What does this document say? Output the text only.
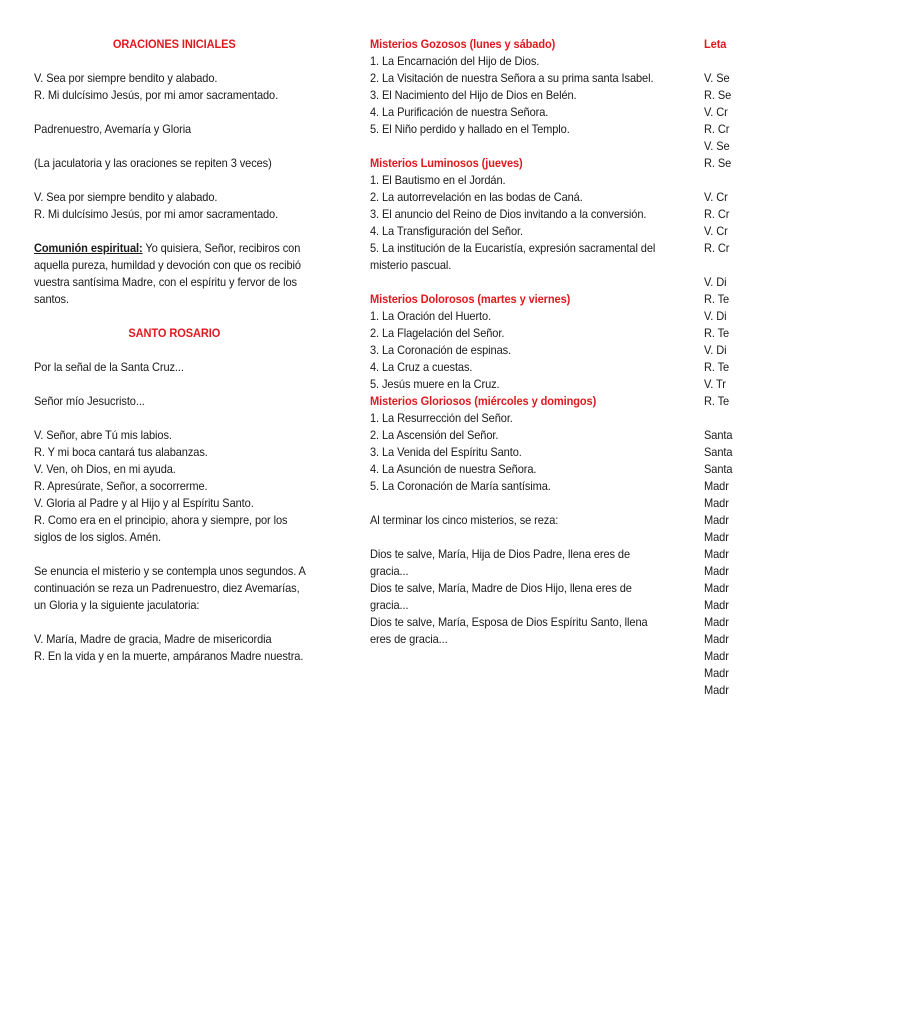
ORACIONES INICIALES
V. Sea por siempre bendito y alabado.
R. Mi dulcísimo Jesús, por mi amor sacramentado.
Padrenuestro, Avemaría y Gloria
(La jaculatoria y las oraciones se repiten 3 veces)
V. Sea por siempre bendito y alabado.
R. Mi dulcísimo Jesús, por mi amor sacramentado.
Comunión espiritual: Yo quisiera, Señor, recibiros con aquella pureza, humildad y devoción con que os recibió vuestra santísima Madre, con el espíritu y fervor de los santos.
SANTO ROSARIO
Por la señal de la Santa Cruz...
Señor mío Jesucristo...
V. Señor, abre Tú mis labios.
R. Y mi boca cantará tus alabanzas.
V. Ven, oh Dios, en mi ayuda.
R. Apresúrate, Señor, a socorrerme.
V. Gloria al Padre y al Hijo y al Espíritu Santo.
R. Como era en el principio, ahora y siempre, por los siglos de los siglos. Amén.
Se enuncia el misterio y se contempla unos segundos. A continuación se reza un Padrenuestro, diez Avemarías, un Gloria y la siguiente jaculatoria:
V. María, Madre de gracia, Madre de misericordia
R. En la vida y en la muerte, ampáranos Madre nuestra.
Misterios Gozosos (lunes y sábado)
1. La Encarnación del Hijo de Dios.
2. La Visitación de nuestra Señora a su prima santa Isabel.
3. El Nacimiento del Hijo de Dios en Belén.
4. La Purificación de nuestra Señora.
5. El Niño perdido y hallado en el Templo.
Misterios Luminosos (jueves)
1. El Bautismo en el Jordán.
2. La autorrevelación en las bodas de Caná.
3. El anuncio del Reino de Dios invitando a la conversión.
4. La Transfiguración del Señor.
5. La institución de la Eucaristía, expresión sacramental del misterio pascual.
Misterios Dolorosos (martes y viernes)
1. La Oración del Huerto.
2. La Flagelación del Señor.
3. La Coronación de espinas.
4. La Cruz a cuestas.
5. Jesús muere en la Cruz.
Misterios Gloriosos (miércoles y domingos)
1. La Resurrección del Señor.
2. La Ascensión del Señor.
3. La Venida del Espíritu Santo.
4. La Asunción de nuestra Señora.
5. La Coronación de María santísima.
Al terminar los cinco misterios, se reza:
Dios te salve, María, Hija de Dios Padre, llena eres de gracia...
Dios te salve, María, Madre de Dios Hijo, llena eres de gracia...
Dios te salve, María, Esposa de Dios Espíritu Santo, llena eres de gracia...
Leta
V. Se
R. Se
V. Cr
R. Cr
V. Se
R. Se
V. Cr
R. Cr
V. Cr
R. Cr
V. Di
R. Te
V. Di
R. Te
V. Di
R. Te
V. Tr
R. Te
Santa
Santa
Santa
Madr
Madr
Madr
Madr
Madr
Madr
Madr
Madr
Madr
Madr
Madr
Madr
Madr
